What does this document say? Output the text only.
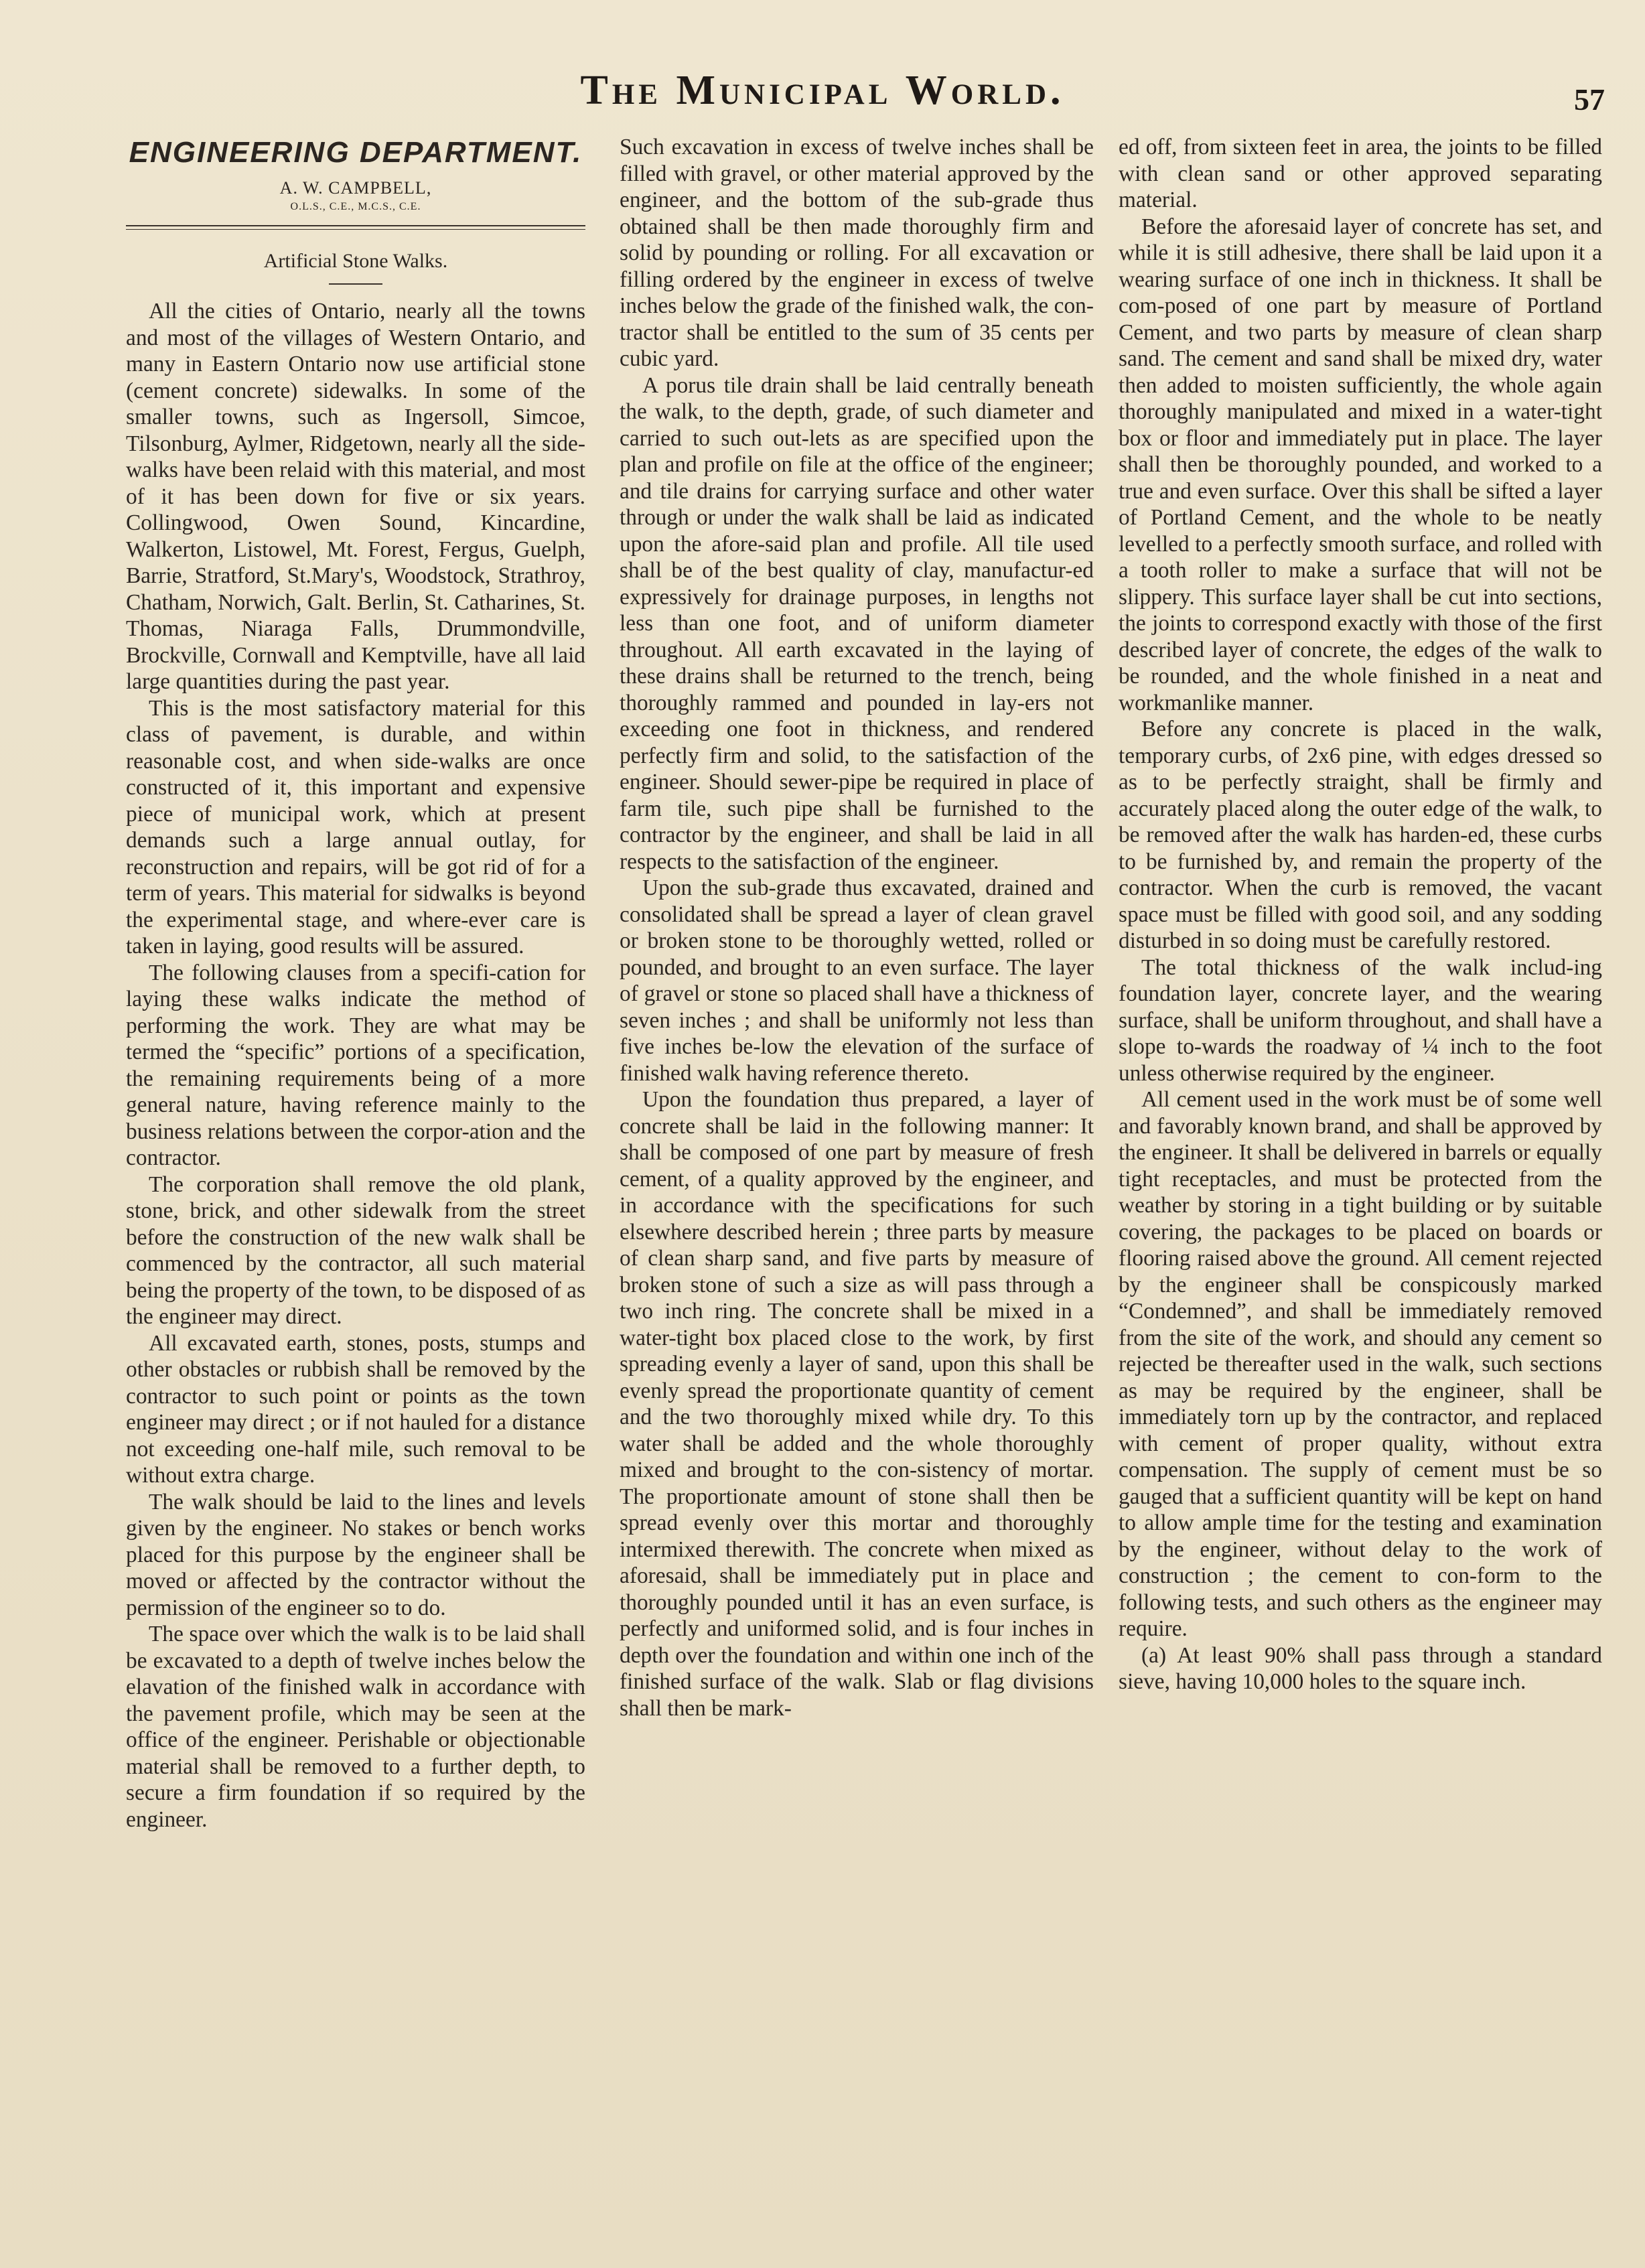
The Municipal World.	57
ENGINEERING DEPARTMENT.
A. W. CAMPBELL,
O.L.S., C.E., M.C.S., C.E.
Artificial Stone Walks.

All the cities of Ontario, nearly all the towns and most of the villages of Western Ontario, and many in Eastern Ontario now use artificial stone (cement concrete) sidewalks. In some of the smaller towns, such as Ingersoll, Simcoe, Tilsonburg, Aylmer, Ridgetown, nearly all the side-walks have been relaid with this material, and most of it has been down for five or six years. Collingwood, Owen Sound, Kincardine, Walkerton, Listowel, Mt. Forest, Fergus, Guelph, Barrie, Stratford, St.Mary's, Woodstock, Strathroy, Chatham, Norwich, Galt. Berlin, St. Catharines, St. Thomas, Niaraga Falls, Drummondville, Brockville, Cornwall and Kemptville, have all laid large quantities during the past year.

This is the most satisfactory material for this class of pavement, is durable, and within reasonable cost, and when side-walks are once constructed of it, this important and expensive piece of municipal work, which at present demands such a large annual outlay, for reconstruction and repairs, will be got rid of for a term of years. This material for sidwalks is beyond the experimental stage, and where-ever care is taken in laying, good results will be assured.

The following clauses from a specifi-cation for laying these walks indicate the method of performing the work. They are what may be termed the “specific” portions of a specification, the remaining requirements being of a more general nature, having reference mainly to the business relations between the corpor-ation and the contractor.

The corporation shall remove the old plank, stone, brick, and other sidewalk from the street before the construction of the new walk shall be commenced by the contractor, all such material being the property of the town, to be disposed of as the engineer may direct.

All excavated earth, stones, posts, stumps and other obstacles or rubbish shall be removed by the contractor to such point or points as the town engineer may direct ; or if not hauled for a distance not exceeding one-half mile, such removal to be without extra charge.

The walk should be laid to the lines and levels given by the engineer. No stakes or bench works placed for this purpose by the engineer shall be moved or affected by the contractor without the permission of the engineer so to do.

The space over which the walk is to be laid shall be excavated to a depth of twelve inches below the elavation of the finished walk in accordance with the pavement profile, which may be seen at the office of the engineer. Perishable or objectionable material shall be removed to a further depth, to secure a firm foundation if so required by the engineer.

Such excavation in excess of twelve inches shall be filled with gravel, or other material approved by the engineer, and the bottom of the sub-grade thus obtained shall be then made thoroughly firm and solid by pounding or rolling. For all excavation or filling ordered by the engineer in excess of twelve inches below the grade of the finished walk, the con-tractor shall be entitled to the sum of 35 cents per cubic yard.

A porus tile drain shall be laid centrally beneath the walk, to the depth, grade, of such diameter and carried to such out-lets as are specified upon the plan and profile on file at the office of the engineer; and tile drains for carrying surface and other water through or under the walk shall be laid as indicated upon the afore-said plan and profile. All tile used shall be of the best quality of clay, manufactur-ed expressively for drainage purposes, in lengths not less than one foot, and of uniform diameter throughout. All earth excavated in the laying of these drains shall be returned to the trench, being thoroughly rammed and pounded in lay-ers not exceeding one foot in thickness, and rendered perfectly firm and solid, to the satisfaction of the engineer. Should sewer-pipe be required in place of farm tile, such pipe shall be furnished to the contractor by the engineer, and shall be laid in all respects to the satisfaction of the engineer.

Upon the sub-grade thus excavated, drained and consolidated shall be spread a layer of clean gravel or broken stone to be thoroughly wetted, rolled or pounded, and brought to an even surface. The layer of gravel or stone so placed shall have a thickness of seven inches ; and shall be uniformly not less than five inches be-low the elevation of the surface of finished walk having reference thereto.

Upon the foundation thus prepared, a layer of concrete shall be laid in the following manner: It shall be composed of one part by measure of fresh cement, of a quality approved by the engineer, and in accordance with the specifications for such elsewhere described herein ; three parts by measure of clean sharp sand, and five parts by measure of broken stone of such a size as will pass through a two inch ring. The concrete shall be mixed in a water-tight box placed close to the work, by first spreading evenly a layer of sand, upon this shall be evenly spread the proportionate quantity of cement and the two thoroughly mixed while dry. To this water shall be added and the whole thoroughly mixed and brought to the con-sistency of mortar. The proportionate amount of stone shall then be spread evenly over this mortar and thoroughly intermixed therewith. The concrete when mixed as aforesaid, shall be immediately put in place and thoroughly pounded until it has an even surface, is perfectly and uniformed solid, and is four inches in depth over the foundation and within one inch of the finished surface of the walk. Slab or flag divisions shall then be mark-

ed off, from sixteen feet in area, the joints to be filled with clean sand or other approved separating material.

Before the aforesaid layer of concrete has set, and while it is still adhesive, there shall be laid upon it a wearing surface of one inch in thickness. It shall be com-posed of one part by measure of Portland Cement, and two parts by measure of clean sharp sand. The cement and sand shall be mixed dry, water then added to moisten sufficiently, the whole again thoroughly manipulated and mixed in a water-tight box or floor and immediately put in place. The layer shall then be thoroughly pounded, and worked to a true and even surface. Over this shall be sifted a layer of Portland Cement, and the whole to be neatly levelled to a perfectly smooth surface, and rolled with a tooth roller to make a surface that will not be slippery. This surface layer shall be cut into sections, the joints to correspond exactly with those of the first described layer of concrete, the edges of the walk to be rounded, and the whole finished in a neat and workmanlike manner.

Before any concrete is placed in the walk, temporary curbs, of 2x6 pine, with edges dressed so as to be perfectly straight, shall be firmly and accurately placed along the outer edge of the walk, to be removed after the walk has harden-ed, these curbs to be furnished by, and remain the property of the contractor. When the curb is removed, the vacant space must be filled with good soil, and any sodding disturbed in so doing must be carefully restored.

The total thickness of the walk includ-ing foundation layer, concrete layer, and the wearing surface, shall be uniform throughout, and shall have a slope to-wards the roadway of ¼ inch to the foot unless otherwise required by the engineer.

All cement used in the work must be of some well and favorably known brand, and shall be approved by the engineer. It shall be delivered in barrels or equally tight receptacles, and must be protected from the weather by storing in a tight building or by suitable covering, the packages to be placed on boards or flooring raised above the ground. All cement rejected by the engineer shall be conspicously marked “Condemned”, and shall be immediately removed from the site of the work, and should any cement so rejected be thereafter used in the walk, such sections as may be required by the engineer, shall be immediately torn up by the contractor, and replaced with cement of proper quality, without extra compensation. The supply of cement must be so gauged that a sufficient quantity will be kept on hand to allow ample time for the testing and examination by the engineer, without delay to the work of construction ; the cement to con-form to the following tests, and such others as the engineer may require.

(a) At least 90% shall pass through a standard sieve, having 10,000 holes to the square inch.
